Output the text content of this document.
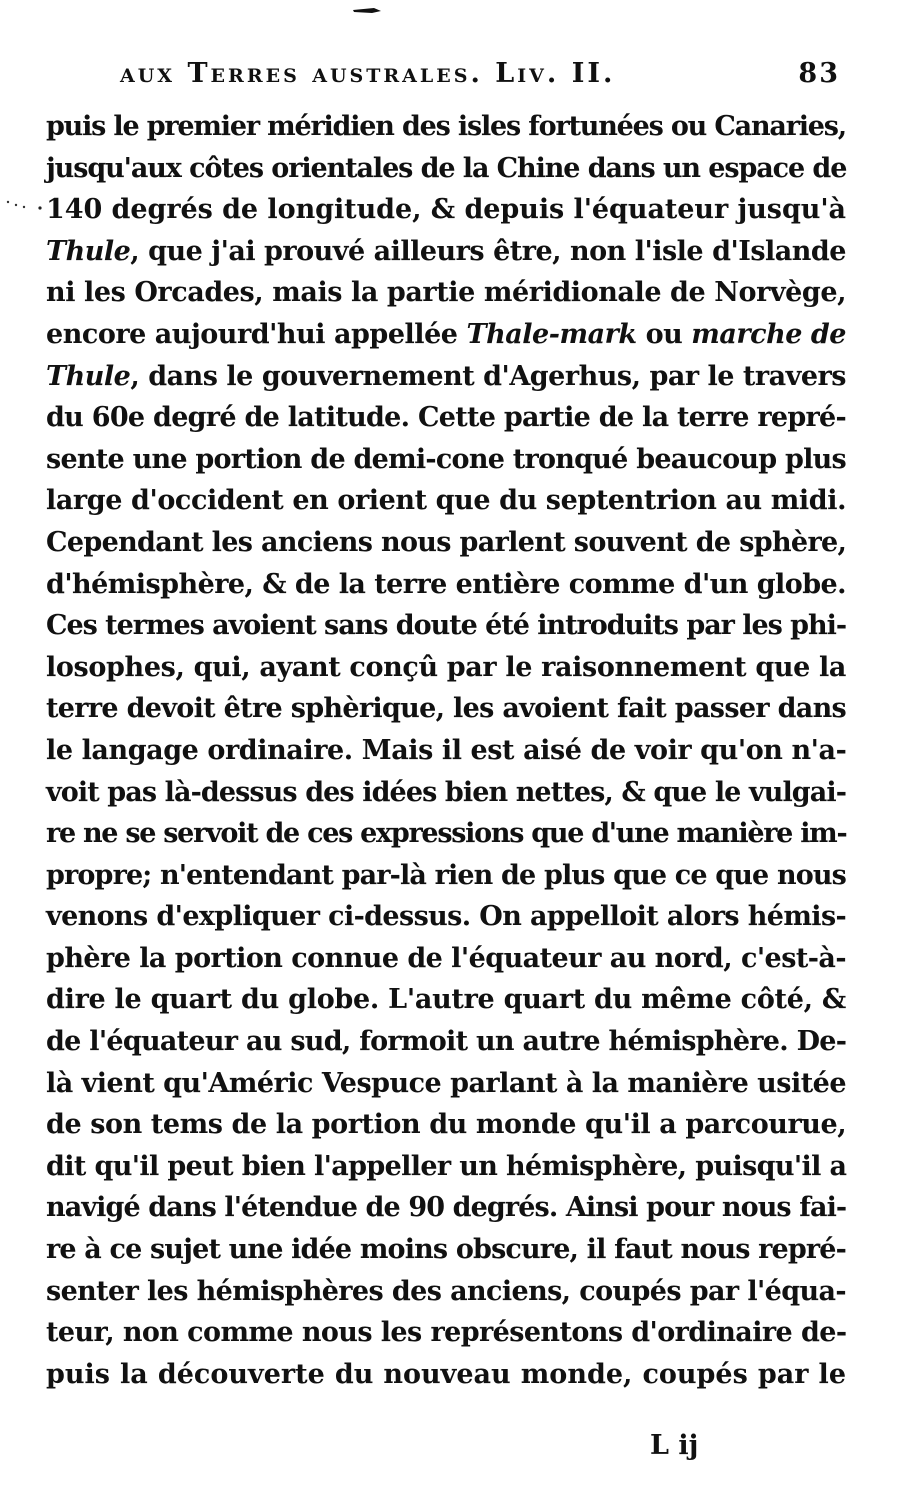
aux Terres australes. Liv. II.	83
puis le premier méridien des isles fortunées ou Canaries,
jusqu'aux côtes orientales de la Chine dans un espace de
140 degrés de longitude, & depuis l'équateur jusqu'à
Thule, que j'ai prouvé ailleurs être, non l'isle d'Islande
ni les Orcades, mais la partie méridionale de Norvège,
encore aujourd'hui appellée Thale-mark ou marche de
Thule, dans le gouvernement d'Agerhus, par le travers
du 60e degré de latitude. Cette partie de la terre repré-
sente une portion de demi-cone tronqué beaucoup plus
large d'occident en orient que du septentrion au midi.
Cependant les anciens nous parlent souvent de sphère,
d'hémisphère, & de la terre entière comme d'un globe.
Ces termes avoient sans doute été introduits par les phi-
losophes, qui, ayant conçû par le raisonnement que la
terre devoit être sphèrique, les avoient fait passer dans
le langage ordinaire. Mais il est aisé de voir qu'on n'a-
voit pas là-dessus des idées bien nettes, & que le vulgai-
re ne se servoit de ces expressions que d'une manière im-
propre; n'entendant par-là rien de plus que ce que nous
venons d'expliquer ci-dessus. On appelloit alors hémis-
phère la portion connue de l'équateur au nord, c'est-à-
dire le quart du globe. L'autre quart du même côté, &
de l'équateur au sud, formoit un autre hémisphère. De-
là vient qu'Améric Vespuce parlant à la manière usitée
de son tems de la portion du monde qu'il a parcourue,
dit qu'il peut bien l'appeller un hémisphère, puisqu'il a
navigé dans l'étendue de 90 degrés. Ainsi pour nous fai-
re à ce sujet une idée moins obscure, il faut nous repré-
senter les hémisphères des anciens, coupés par l'équa-
teur, non comme nous les représentons d'ordinaire de-
puis la découverte du nouveau monde, coupés par le
L ij
